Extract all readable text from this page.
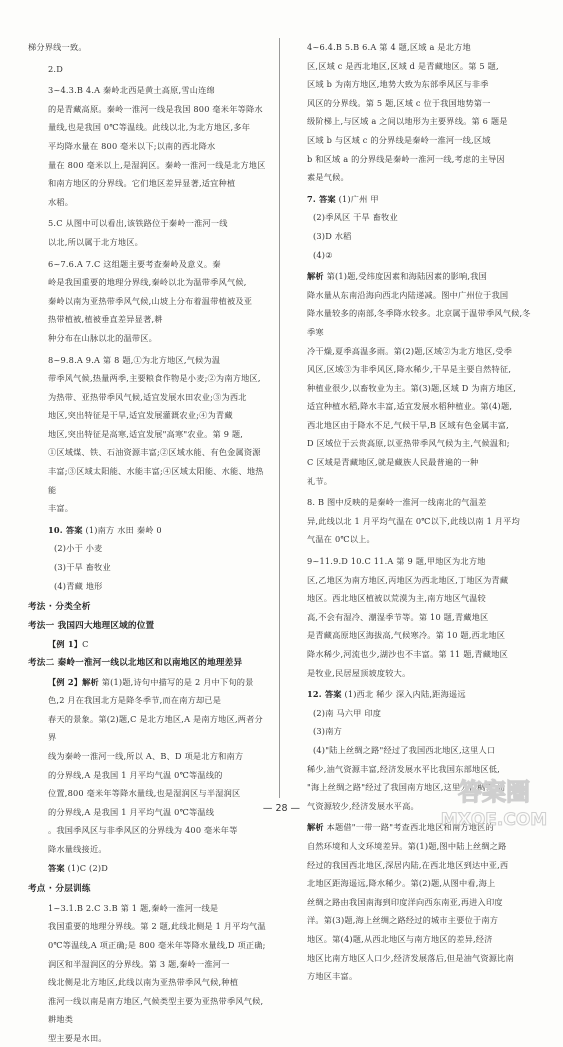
梯分界线一致。

2.D

3~4.3.B 4.A 秦岭北西是黄土高原,雪山连绵

的是青藏高原。秦岭一淮河一线是我国 800 毫米年等降水

量线,也是我国 0℃等温线。此线以北,为北方地区,多年

平均降水量在 800 毫米以下;以南的西北降水

量在 800 毫米以上,是湿润区。秦岭一淮河一线是北方地区

和南方地区的分界线。它们地区差异显著,适宜种植

水稻。

5.C 从图中可以看出,该铁路位于秦岭一淮河一线

以北,所以属于北方地区。

6~7.6.A 7.C 这组题主要考查秦岭及意义。秦

岭是我国重要的地理分界线,秦岭以北为温带季风气候,

秦岭以南为亚热带季风气候,山坡上分布着温带植被及亚

热带植被,植被垂直差异显著,耕

种分布在山脉以北的温带区。

8~9.8.A 9.A 第 8 题,①为北方地区,气候为温

带季风气候,热量两季,主要粮食作物是小麦;②为南方地区,

为热带、亚热带季风气候,适宜发展水田农业;③为西北

地区,突出特征是干旱,适宜发展灌溉农业;④为青藏

地区,突出特征是高寒,适宜发展"高寒"农业。第 9 题,

①区域煤、铁、石油资源丰富;②区域水能、有色金属资源

丰富;③区域太阳能、水能丰富;④区域太阳能、水能、地热能

丰富。

10. 答案 (1)南方 水田 秦岭 0

(2)小于 小麦

(3)干旱 畜牧业

(4)青藏 地形

考法 · 分类全析

考法一 我国四大地理区域的位置

【例 1】C

考法二 秦岭一淮河一线以北地区和以南地区的地理差异

【例 2】解析 第(1)题,诗句中描写的是 2 月中下旬的景

色,2 月在我国北方是降冬季节,而在南方却已是

春天的景象。第(2)题,C 是北方地区,A 是南方地区,两者分界

线为秦岭一淮河一线,所以 A、B、D 项是北方和南方

的分界线,A 是我国 1 月平均气温 0℃等温线的

位置,800 毫米年等降水量线,也是湿润区与半湿润区

的分界线,A 是我国 1 月平均气温 0℃等温线

。我国季风区与非季风区的分界线为 400 毫米年等

降水量线接近。

答案 (1)C (2)D

考点 · 分层训练

1~3.1.B 2.C 3.B 第 1 题,秦岭一淮河一线是

我国重要的地理分界线。第 2 题,此线北侧是 1 月平均气温

0℃等温线,A 项正确;是 800 毫米年等降水量线,D 项正确;

润区和半湿润区的分界线。第 3 题,秦岭一淮河一

线北侧是北方地区,此线以南为亚热带季风气候,种植

淮河一线以南是南方地区,气候类型主要为亚热带季风气候,耕地类

型主要是水田。

4~6.4.B 5.B 6.A 第 4 题,区域 a 是北方地

区,区域 c 是西北地区,区域 d 是青藏地区。第 5 题,

区域 b 为南方地区,地势大致为东部季风区与非季

风区的分界线。第 5 题,区域 c 位于我国地势第一

级阶梯上,与区域 a 之间以地形为主要界线。第 6 题是

区域 b 与区域 c 的分界线是秦岭一淮河一线,区域

b 和区域 a 的分界线是秦岭一淮河一线,考虑的主导因

素是气候。

7. 答案 (1)广州 甲

(2)季风区 干旱 畜牧业

(3)D 水稻

(4)②

解析 第(1)题,受纬度因素和海陆因素的影响,我国

降水量从东南沿海向西北内陆递减。图中广州位于我国

降水量较多的南部,冬季降水较多。北京属于温带季风气候,冬季寒

冷干燥,夏季高温多雨。第(2)题,区域②为北方地区,受季

风区,区域③为非季风区,降水稀少,干旱是主要自然特征,

种植业很少,以畜牧业为主。第(3)题,区域 D 为南方地区,

适宜种植水稻,降水丰富,适宜发展水稻种植业。第(4)题,

西北地区由于降水不足,气候干旱,B 区域有色金属丰富,

D 区域位于云贵高原,以亚热带季风气候为主,气候温和;

C 区域是青藏地区,就是藏族人民最普遍的一种

礼节。

8. B 图中反映的是秦岭一淮河一线南北的气温差

异,此线以北 1 月平均气温在 0℃以下,此线以南 1 月平均

气温在 0℃以上。

9~11.9.D 10.C 11.A 第 9 题,甲地区为北方地

区,乙地区为南方地区,丙地区为西北地区,丁地区为青藏

地区。西北地区植被以荒漠为主,南方地区气温较

高,不会有湿冷、潮湿季节等。第 10 题,青藏地区

是青藏高原地区海拔高,气候寒冷。第 10 题,西北地区

降水稀少,河流也少,湖沙也不丰富。第 11 题,青藏地区

是牧业,民居屋顶坡度较大。

12. 答案 (1)西北 稀少 深入内陆,距海遥远

(2)南 马六甲 印度

(3)南方

(4)"陆上丝绸之路"经过了我国西北地区,这里人口

稀少,油气资源丰富,经济发展水平比我国东部地区低,

"海上丝绸之路"经过了我国南方地区,这里人口稠密,油

气资源较少,经济发展水平高。

解析 本题借"一带一路"考查西北地区和南方地区的

自然环境和人文环境差异。第(1)题,图中陆上丝绸之路

经过的我国西北地区,深居内陆,在西北地区到达中亚,西

北地区距海遥远,降水稀少。第(2)题,从图中看,海上

丝绸之路由我国南海到印度洋向西东南亚,再进入印度

洋。第(3)题,海上丝绸之路经过的城市主要位于南方

地区。第(4)题,从西北地区与南方地区的差异,经济

地区比南方地区人口少,经济发展落后,但是油气资源比南

方地区丰富。

— 28 —
答案圈
MXQE.COM
